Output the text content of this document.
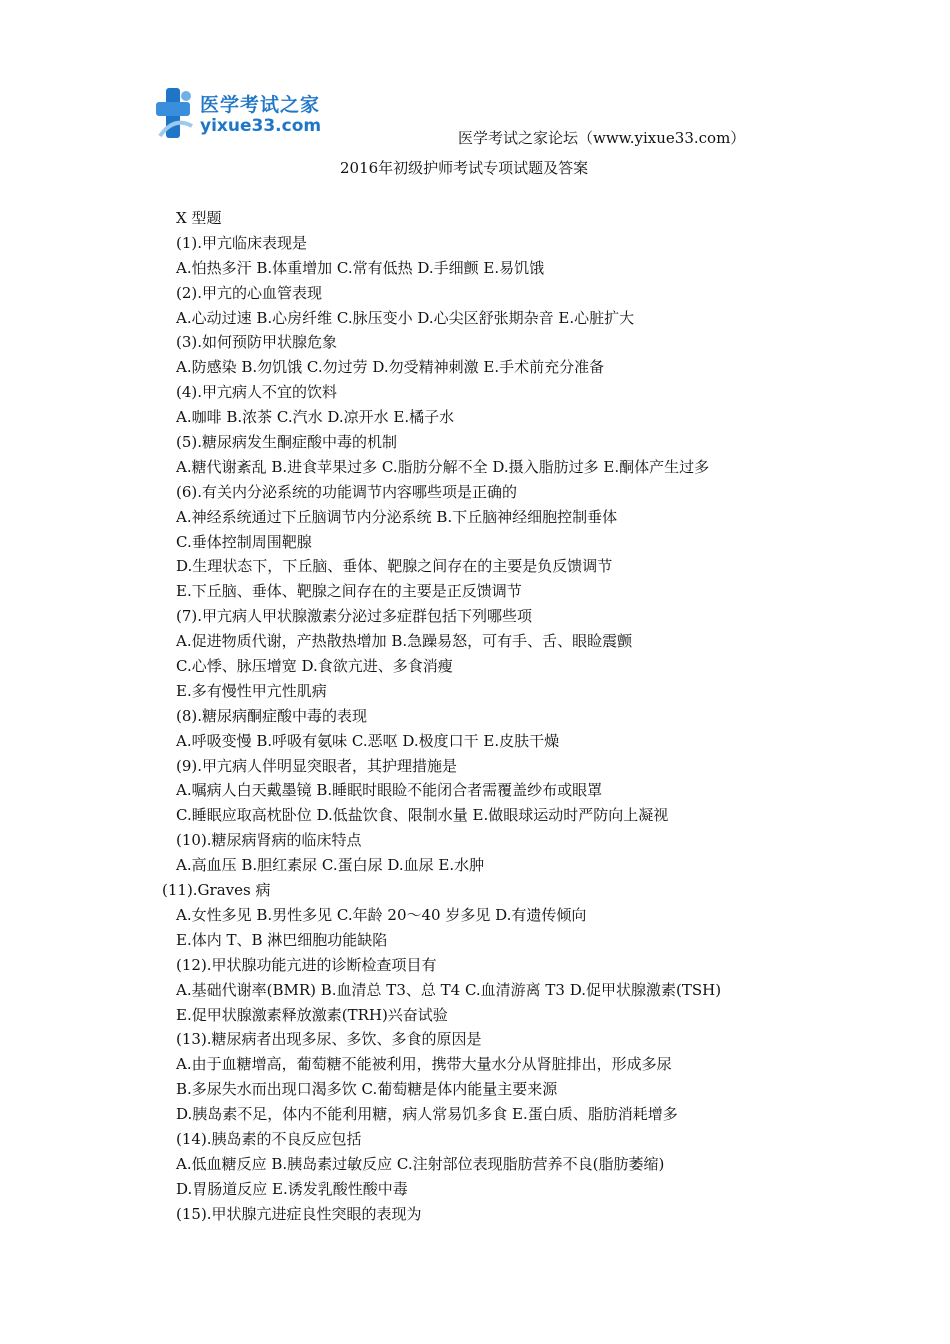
医学考试之家
yixue33.com
医学考试之家论坛（www.yixue33.com）
2016年初级护师考试专项试题及答案
X 型题
(1).甲亢临床表现是
A.怕热多汗 B.体重增加 C.常有低热 D.手细颤 E.易饥饿
(2).甲亢的心血管表现
A.心动过速 B.心房纤维 C.脉压变小 D.心尖区舒张期杂音 E.心脏扩大
(3).如何预防甲状腺危象
A.防感染 B.勿饥饿 C.勿过劳 D.勿受精神刺激 E.手术前充分准备
(4).甲亢病人不宜的饮料
A.咖啡 B.浓茶 C.汽水 D.凉开水 E.橘子水
(5).糖尿病发生酮症酸中毒的机制
A.糖代谢紊乱 B.进食苹果过多 C.脂肪分解不全 D.摄入脂肪过多 E.酮体产生过多
(6).有关内分泌系统的功能调节内容哪些项是正确的
A.神经系统通过下丘脑调节内分泌系统 B.下丘脑神经细胞控制垂体
C.垂体控制周围靶腺
D.生理状态下，下丘脑、垂体、靶腺之间存在的主要是负反馈调节
E.下丘脑、垂体、靶腺之间存在的主要是正反馈调节
(7).甲亢病人甲状腺激素分泌过多症群包括下列哪些项
A.促进物质代谢，产热散热增加 B.急躁易怒，可有手、舌、眼睑震颤
C.心悸、脉压增宽 D.食欲亢进、多食消瘦
E.多有慢性甲亢性肌病
(8).糖尿病酮症酸中毒的表现
A.呼吸变慢 B.呼吸有氨味 C.恶呕 D.极度口干 E.皮肤干燥
(9).甲亢病人伴明显突眼者，其护理措施是
A.嘱病人白天戴墨镜 B.睡眠时眼睑不能闭合者需覆盖纱布或眼罩
C.睡眠应取高枕卧位 D.低盐饮食、限制水量 E.做眼球运动时严防向上凝视
(10).糖尿病肾病的临床特点
A.高血压 B.胆红素尿 C.蛋白尿 D.血尿 E.水肿
(11).Graves 病
A.女性多见 B.男性多见 C.年龄 20～40 岁多见 D.有遗传倾向
E.体内 T、B 淋巴细胞功能缺陷
(12).甲状腺功能亢进的诊断检查项目有
A.基础代谢率(BMR) B.血清总 T3、总 T4 C.血清游离 T3 D.促甲状腺激素(TSH)
E.促甲状腺激素释放激素(TRH)兴奋试验
(13).糖尿病者出现多尿、多饮、多食的原因是
A.由于血糖增高，葡萄糖不能被利用，携带大量水分从肾脏排出，形成多尿
B.多尿失水而出现口渴多饮 C.葡萄糖是体内能量主要来源
D.胰岛素不足，体内不能利用糖，病人常易饥多食 E.蛋白质、脂肪消耗增多
(14).胰岛素的不良反应包括
A.低血糖反应 B.胰岛素过敏反应 C.注射部位表现脂肪营养不良(脂肪萎缩)
D.胃肠道反应 E.诱发乳酸性酸中毒
(15).甲状腺亢进症良性突眼的表现为
